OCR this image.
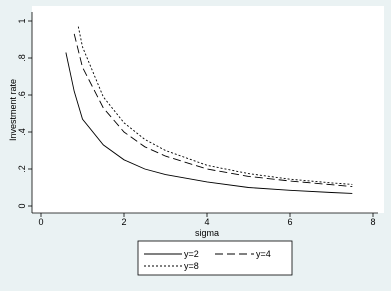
0
.2
.4
.6
.8
1
0	2	4	6	8
sigma
Investment rate
y=2	y=4
y=8
